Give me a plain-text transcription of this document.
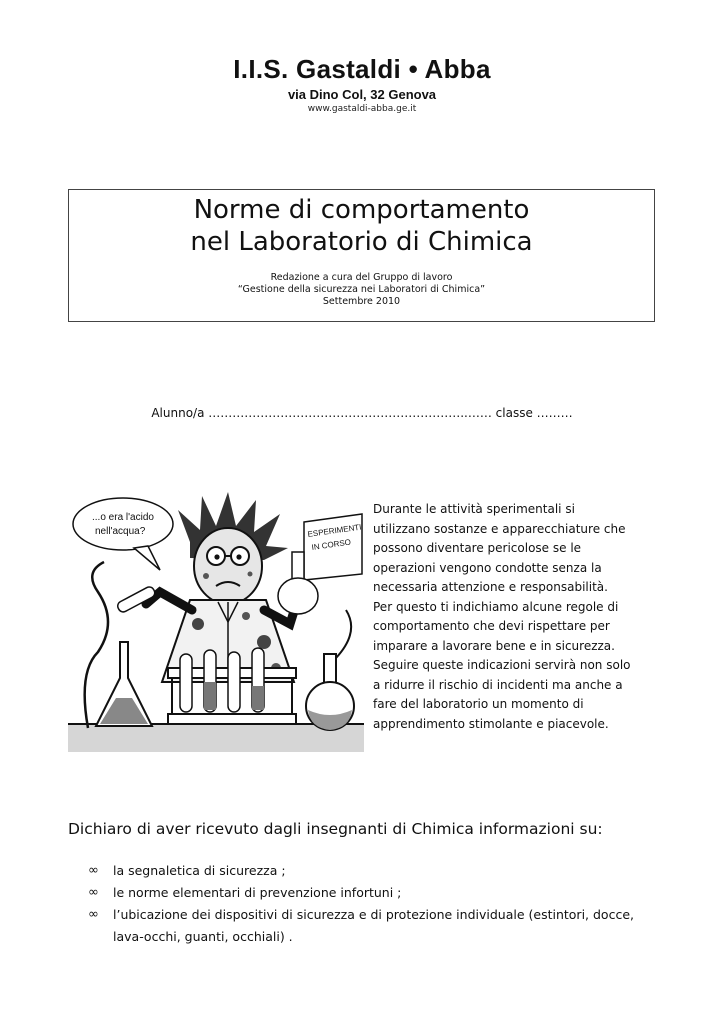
I.I.S. Gastaldi • Abba
via Dino Col, 32 Genova
www.gastaldi-abba.ge.it
Norme di comportamento
nel Laboratorio di Chimica
Redazione a cura del Gruppo di lavoro
“Gestione della sicurezza nei Laboratori di Chimica”
Settembre 2010
Alunno/a ………………………………………………………..…… classe ………
...o era l'acido
nell'acqua?	ESPERIMENTI
IN CORSO
Durante le attività sperimentali si
utilizzano sostanze e apparecchiature che
possono diventare pericolose se le
operazioni vengono condotte senza la
necessaria attenzione e responsabilità.
Per questo ti indichiamo alcune regole di
comportamento che devi rispettare per
imparare a lavorare bene e in sicurezza.
Seguire queste indicazioni servirà non solo
a ridurre il rischio di incidenti ma anche a
fare del laboratorio un momento di
apprendimento stimolante e piacevole.
Dichiaro di aver ricevuto dagli insegnanti di Chimica informazioni su:
∞ la segnaletica di sicurezza ;
∞ le norme elementari di prevenzione infortuni ;
∞ l’ubicazione dei dispositivi di sicurezza e di protezione individuale (estintori, docce,
lava-occhi, guanti, occhiali) .
